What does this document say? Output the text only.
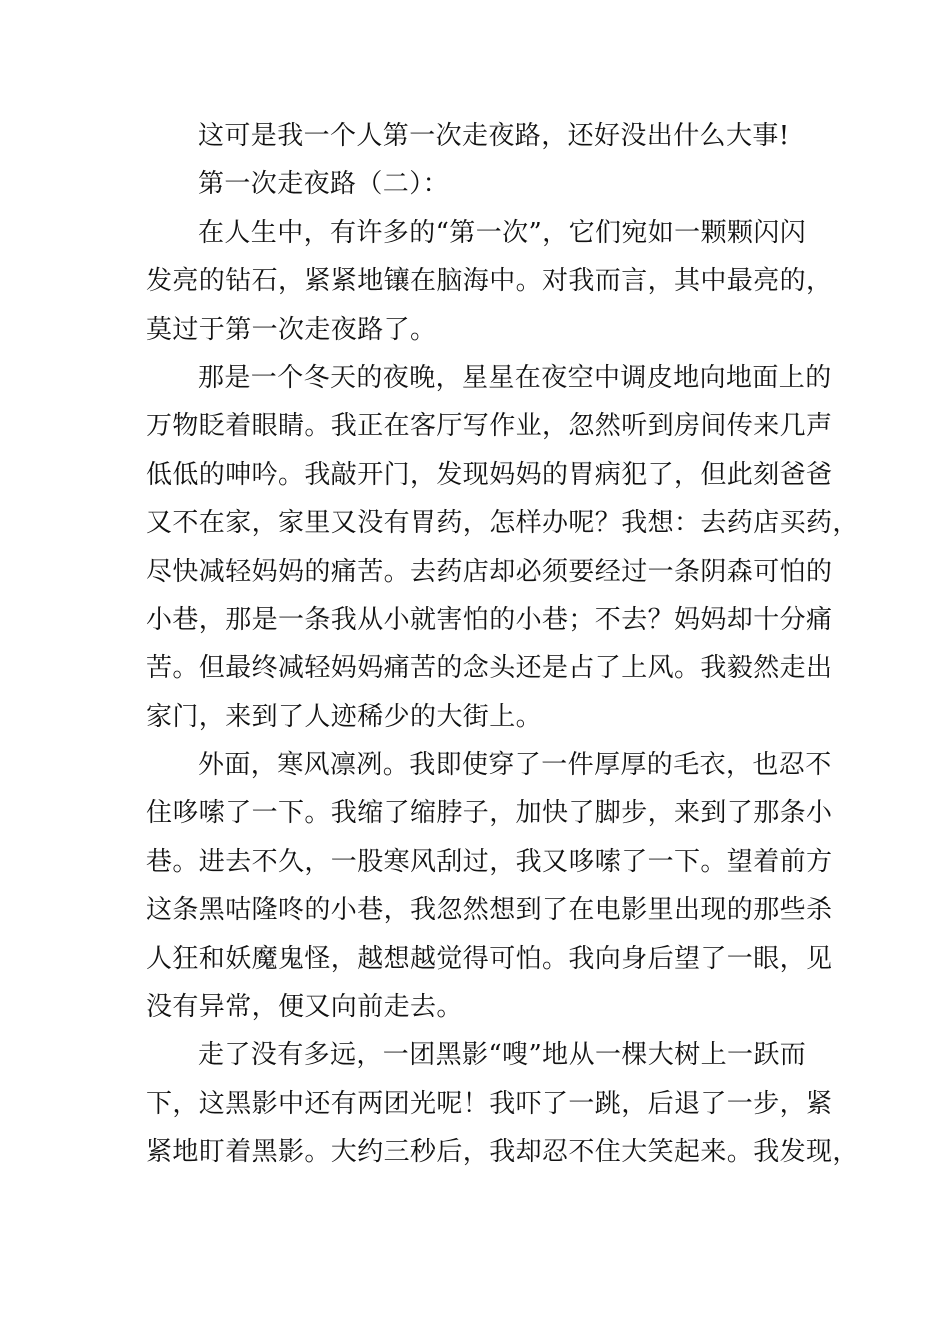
这可是我一个人第一次走夜路，还好没出什么大事!
第一次走夜路（二）：
在人生中，有许多的“第一次”，它们宛如一颗颗闪闪
发亮的钻石，紧紧地镶在脑海中。对我而言，其中最亮的，
莫过于第一次走夜路了。
那是一个冬天的夜晚，星星在夜空中调皮地向地面上的
万物眨着眼睛。我正在客厅写作业，忽然听到房间传来几声
低低的呻吟。我敲开门，发现妈妈的胃病犯了，但此刻爸爸
又不在家，家里又没有胃药，怎样办呢？我想：去药店买药，
尽快减轻妈妈的痛苦。去药店却必须要经过一条阴森可怕的
小巷，那是一条我从小就害怕的小巷；不去？妈妈却十分痛
苦。但最终减轻妈妈痛苦的念头还是占了上风。我毅然走出
家门，来到了人迹稀少的大街上。
外面，寒风凛冽。我即使穿了一件厚厚的毛衣，也忍不
住哆嗦了一下。我缩了缩脖子，加快了脚步，来到了那条小
巷。进去不久，一股寒风刮过，我又哆嗦了一下。望着前方
这条黑咕隆咚的小巷，我忽然想到了在电影里出现的那些杀
人狂和妖魔鬼怪，越想越觉得可怕。我向身后望了一眼，见
没有异常，便又向前走去。
走了没有多远，一团黑影“嗖”地从一棵大树上一跃而
下，这黑影中还有两团光呢！我吓了一跳，后退了一步，紧
紧地盯着黑影。大约三秒后，我却忍不住大笑起来。我发现，
